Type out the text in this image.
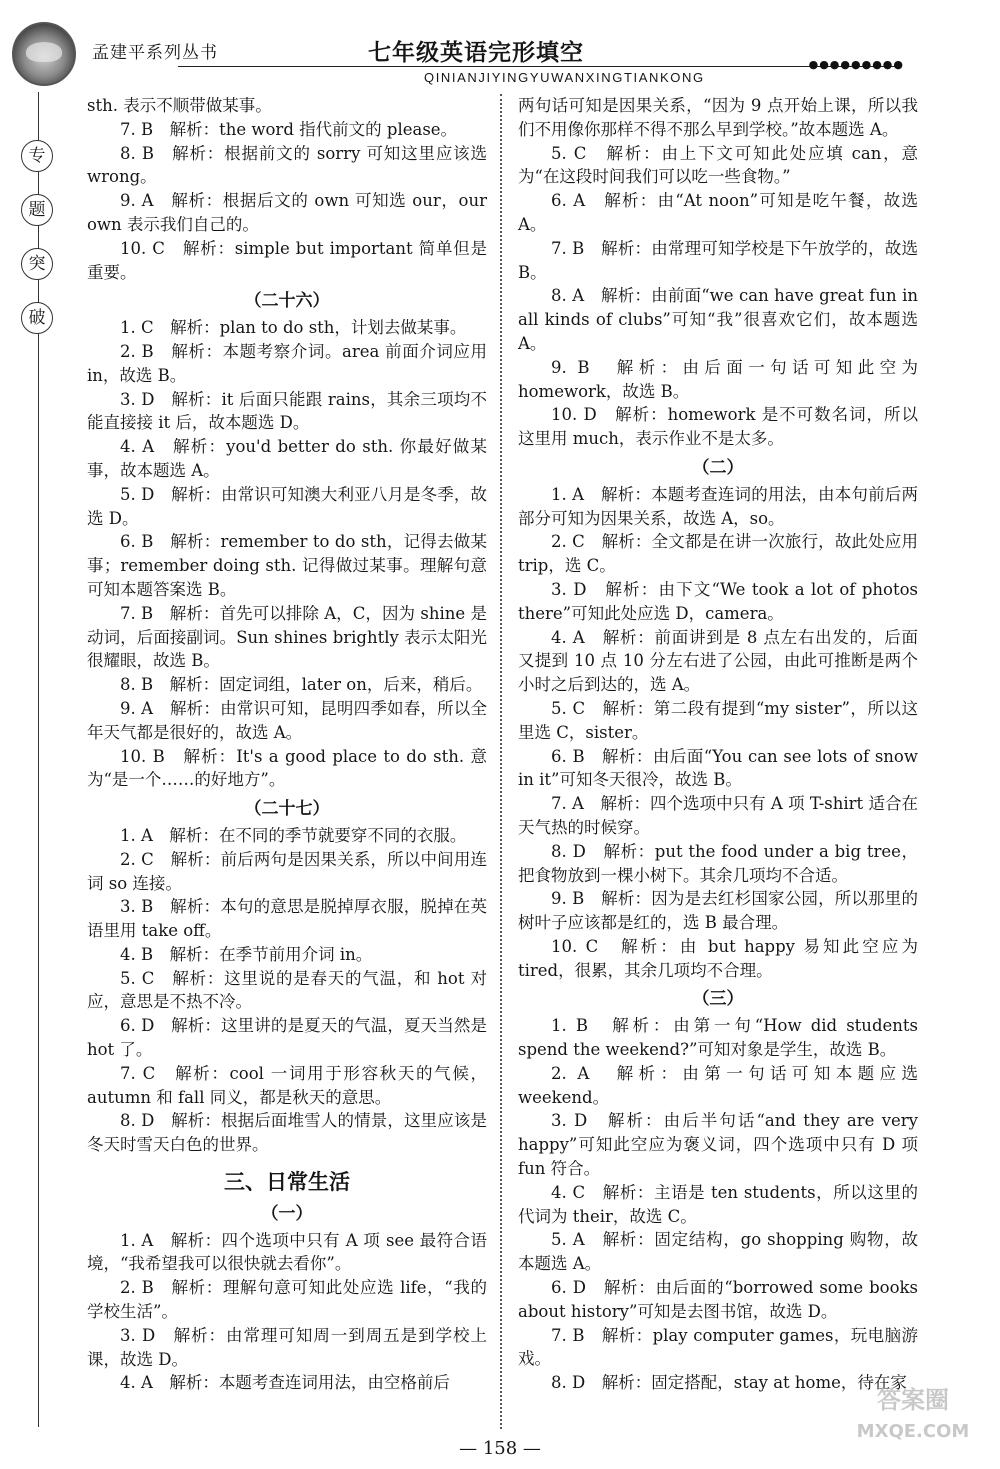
孟建平系列丛书	七年级英语完形填空	●●●●●●●●●
QINIANJIYINGYUWANXINGTIANKONG
专
题
突
破

sth. 表示不顺带做某事。

7. B　解析：the word 指代前文的 please。

8. B　解析：根据前文的 sorry 可知这里应该选 wrong。

9. A　解析：根据后文的 own 可知选 our，our own 表示我们自己的。

10. C　解析：simple but important 简单但是重要。

（二十六）

1. C　解析：plan to do sth，计划去做某事。

2. B　解析：本题考察介词。area 前面介词应用 in，故选 B。

3. D　解析：it 后面只能跟 rains，其余三项均不能直接接 it 后，故本题选 D。

4. A　解析：you'd better do sth. 你最好做某事，故本题选 A。

5. D　解析：由常识可知澳大利亚八月是冬季，故选 D。

6. B　解析：remember to do sth，记得去做某事；remember doing sth. 记得做过某事。理解句意可知本题答案选 B。

7. B　解析：首先可以排除 A，C，因为 shine 是动词，后面接副词。Sun shines brightly 表示太阳光很耀眼，故选 B。

8. B　解析：固定词组，later on，后来，稍后。

9. A　解析：由常识可知，昆明四季如春，所以全年天气都是很好的，故选 A。

10. B　解析：It's a good place to do sth. 意为“是一个……的好地方”。

（二十七）

1. A　解析：在不同的季节就要穿不同的衣服。

2. C　解析：前后两句是因果关系，所以中间用连词 so 连接。

3. B　解析：本句的意思是脱掉厚衣服，脱掉在英语里用 take off。

4. B　解析：在季节前用介词 in。

5. C　解析：这里说的是春天的气温，和 hot 对应，意思是不热不冷。

6. D　解析：这里讲的是夏天的气温，夏天当然是 hot 了。

7. C　解析：cool 一词用于形容秋天的气候，autumn 和 fall 同义，都是秋天的意思。

8. D　解析：根据后面堆雪人的情景，这里应该是冬天时雪天白色的世界。

三、日常生活
（一）

1. A　解析：四个选项中只有 A 项 see 最符合语境，“我希望我可以很快就去看你”。

2. B　解析：理解句意可知此处应选 life，“我的学校生活”。

3. D　解析：由常理可知周一到周五是到学校上课，故选 D。

4. A　解析：本题考查连词用法，由空格前后

两句话可知是因果关系，“因为 9 点开始上课，所以我们不用像你那样不得不那么早到学校。”故本题选 A。

5. C　解析：由上下文可知此处应填 can，意为“在这段时间我们可以吃一些食物。”

6. A　解析：由“At noon”可知是吃午餐，故选 A。

7. B　解析：由常理可知学校是下午放学的，故选 B。

8. A　解析：由前面“we can have great fun in all kinds of clubs”可知“我”很喜欢它们，故本题选 A。

9. B　解析：由后面一句话可知此空为 homework，故选 B。

10. D　解析：homework 是不可数名词，所以这里用 much，表示作业不是太多。

（二）

1. A　解析：本题考查连词的用法，由本句前后两部分可知为因果关系，故选 A，so。

2. C　解析：全文都是在讲一次旅行，故此处应用 trip，选 C。

3. D　解析：由下文“We took a lot of photos there”可知此处应选 D，camera。

4. A　解析：前面讲到是 8 点左右出发的，后面又提到 10 点 10 分左右进了公园，由此可推断是两个小时之后到达的，选 A。

5. C　解析：第二段有提到“my sister”，所以这里选 C，sister。

6. B　解析：由后面“You can see lots of snow in it”可知冬天很冷，故选 B。

7. A　解析：四个选项中只有 A 项 T-shirt 适合在天气热的时候穿。

8. D　解析：put the food under a big tree，把食物放到一棵小树下。其余几项均不合适。

9. B　解析：因为是去红杉国家公园，所以那里的树叶子应该都是红的，选 B 最合理。

10. C　解析：由 but happy 易知此空应为 tired，很累，其余几项均不合理。

（三）

1. B　解析：由第一句“How did students spend the weekend?”可知对象是学生，故选 B。

2. A　解析：由第一句话可知本题应选 weekend。

3. D　解析：由后半句话“and they are very happy”可知此空应为褒义词，四个选项中只有 D 项 fun 符合。

4. C　解析：主语是 ten students，所以这里的代词为 their，故选 C。

5. A　解析：固定结构，go shopping 购物，故本题选 A。

6. D　解析：由后面的“borrowed some books about history”可知是去图书馆，故选 D。

7. B　解析：play computer games，玩电脑游戏。

8. D　解析：固定搭配，stay at home，待在家

— 158 —
答案圈
MXQE.COM
